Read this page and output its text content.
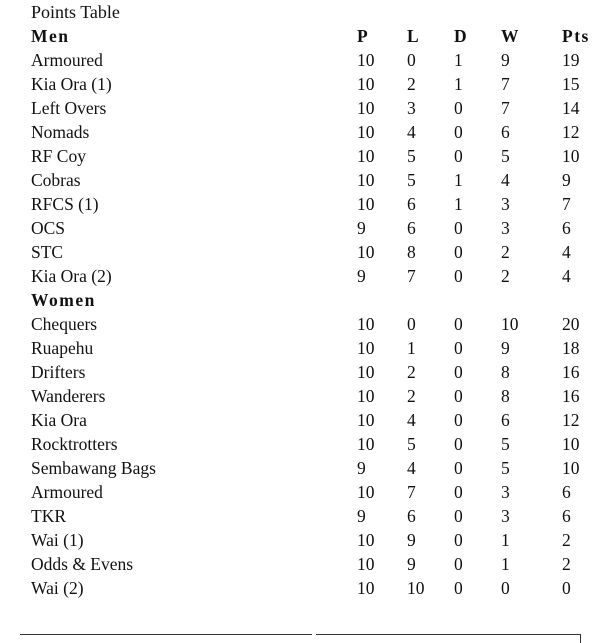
Points Table
Men	P L D W Pts
Armoured	10 0 1 9	19
Kia Ora (1)	10 2 1 7	15
Left Overs	10 3 0 7	14
Nomads	10 4 0 6	12
RF Coy	10 5 0 5	10
Cobras	10 5 1 4	9
RFCS (1)	10 6 1 3	7
OCS	9 6 0 3	6
STC	10 8 0 2	4
Kia Ora (2)	9 7 0 2	4
Women
Chequers	10 0 0 10 20
Ruapehu	10 1 0 9	18
Drifters	10 2 0 8	16
Wanderers	10 2 0 8	16
Kia Ora	10 4 0 6	12
Rocktrotters	10 5 0 5	10
Sembawang Bags	9 4 0 5	10
Armoured	10 7 0 3	6
TKR	9 6 0 3	6
Wai (1)	10 9 0 1	2
Odds & Evens	10 9 0 1	2
Wai (2)	10 10 0 0	0
